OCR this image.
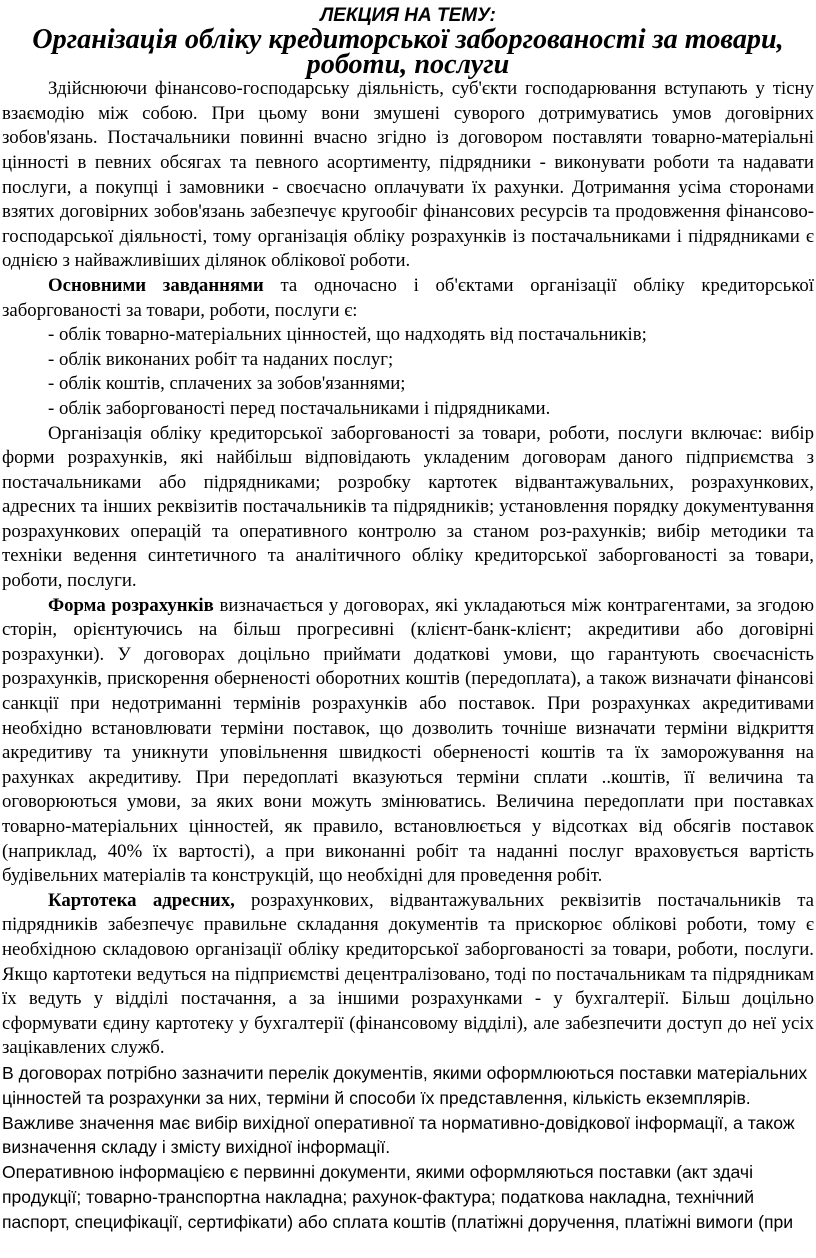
ЛЕКЦИЯ НА ТЕМУ:
Організація обліку кредиторської заборгованості за товари, роботи, послуги

Здійснюючи фінансово-господарську діяльність, суб'єкти господарювання вступають у тісну взаємодію між собою. При цьому вони змушені суворого дотримуватись умов договірних зобов'язань. Постачальники повинні вчасно згідно із договором поставляти товарно-матеріальні цінності в певних обсягах та певного асортименту, підрядники - виконувати роботи та надавати послуги, а покупці і замовники - своєчасно оплачувати їх рахунки. Дотримання усіма сторонами взятих договірних зобов'язань забезпечує кругообіг фінансових ресурсів та продовження фінансово-господарської діяльності, тому організація обліку розрахунків із постачальниками і підрядниками є однією з найважливіших ділянок облікової роботи.

Основними завданнями та одночасно і об'єктами організації обліку кредиторської заборгованості за товари, роботи, послуги є:

- облік товарно-матеріальних цінностей, що надходять від постачальників;
- облік виконаних робіт та наданих послуг;
- облік коштів, сплачених за зобов'язаннями;
- облік заборгованості перед постачальниками і підрядниками.

Організація обліку кредиторської заборгованості за товари, роботи, послуги включає: вибір форми розрахунків, які найбільш відповідають укладеним договорам даного підприємства з постачальниками або підрядниками; розробку картотек відвантажувальних, розрахункових, адресних та інших реквізитів постачальників та підрядників; установлення порядку документування розрахункових операцій та оперативного контролю за станом роз-рахунків; вибір методики та техніки ведення синтетичного та аналітичного обліку кредиторської заборгованості за товари, роботи, послуги.

Форма розрахунків визначається у договорах, які укладаються між контрагентами, за згодою сторін, орієнтуючись на більш прогресивні (клієнт-банк-клієнт; акредитиви або договірні розрахунки). У договорах доцільно приймати додаткові умови, що гарантують своєчасність розрахунків, прискорення оберненості оборотних коштів (передоплата), а також визначати фінансові санкції при недотриманні термінів розрахунків або поставок. При розрахунках акредитивами необхідно встановлювати терміни поставок, що дозволить точніше визначати терміни відкриття акредитиву та уникнути уповільнення швидкості оберненості коштів та їх заморожування на рахунках акредитиву. При передоплаті вказуються терміни сплати ..коштів, її величина та оговорюються умови, за яких вони можуть змінюватись. Величина передоплати при поставках товарно-матеріальних цінностей, як правило, встановлюється у відсотках від обсягів поставок (наприклад, 40% їх вартості), а при виконанні робіт та наданні послуг враховується вартість будівельних матеріалів та конструкцій, що необхідні для проведення робіт.

Картотека адресних, розрахункових, відвантажувальних реквізитів постачальників та підрядників забезпечує правильне складання документів та прискорює облікові роботи, тому є необхідною складовою організації обліку кредиторської заборгованості за товари, роботи, послуги. Якщо картотеки ведуться на підприємстві децентралізовано, тоді по постачальникам та підрядникам їх ведуть у відділі постачання, а за іншими розрахунками - у бухгалтерії. Більш доцільно сформувати єдину картотеку у бухгалтерії (фінансовому відділі), але забезпечити доступ до неї усіх зацікавлених служб.

В договорах потрібно зазначити перелік документів, якими оформлюються поставки матеріальних цінностей та розрахунки за них, терміни й способи їх представлення, кількість екземплярів. Важливе значення має вибір вихідної оперативної та нормативно-довідкової інформації, а також визначення складу і змісту вихідної інформації.

Оперативною інформацією є первинні документи, якими оформляються поставки (акт здачі продукції; товарно-транспортна накладна; рахунок-фактура; податкова накладна, технічний паспорт, специфікації, сертифікати) або сплата коштів (платіжні доручення, платіжні вимоги (при
